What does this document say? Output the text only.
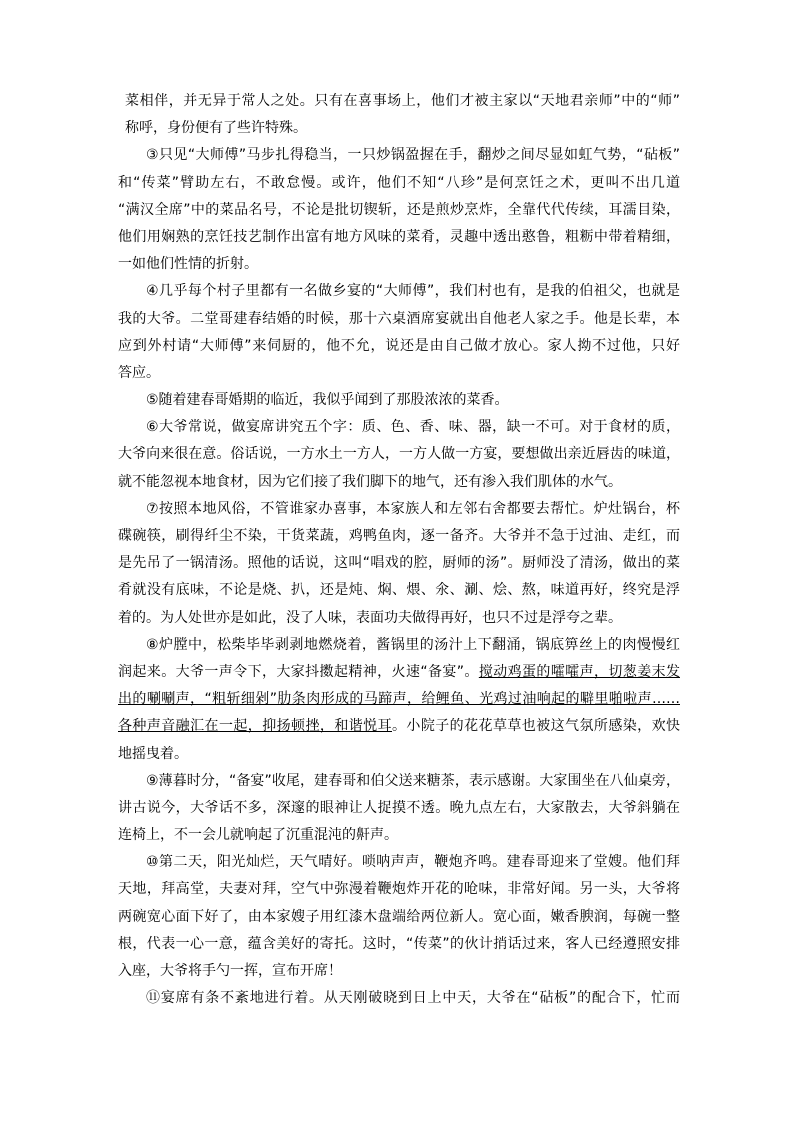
菜相伴，并无异于常人之处。只有在喜事场上，他们才被主家以“天地君亲师”中的“师”
称呼，身份便有了些许特殊。
③只见“大师傅”马步扎得稳当，一只炒锅盈握在手，翻炒之间尽显如虹气势，“砧板”
和“传菜”臂助左右，不敢怠慢。或许，他们不知“八珍”是何烹饪之术，更叫不出几道
“满汉全席”中的菜品名号，不论是批切锲斩，还是煎炒烹炸，全靠代代传续，耳濡目染，
他们用娴熟的烹饪技艺制作出富有地方风味的菜肴，灵趣中透出憨鲁，粗粝中带着精细，
一如他们性情的折射。
④几乎每个村子里都有一名做乡宴的“大师傅”，我们村也有，是我的伯祖父，也就是
我的大爷。二堂哥建春结婚的时候，那十六桌酒席宴就出自他老人家之手。他是长辈，本
应到外村请“大师傅”来伺厨的，他不允，说还是由自己做才放心。家人拗不过他，只好
答应。
⑤随着建春哥婚期的临近，我似乎闻到了那股浓浓的菜香。
⑥大爷常说，做宴席讲究五个字：质、色、香、味、器，缺一不可。对于食材的质，
大爷向来很在意。俗话说，一方水土一方人，一方人做一方宴，要想做出亲近唇齿的味道，
就不能忽视本地食材，因为它们接了我们脚下的地气，还有渗入我们肌体的水气。
⑦按照本地风俗，不管谁家办喜事，本家族人和左邻右舍都要去帮忙。炉灶锅台，杯
碟碗筷，刷得纤尘不染，干货菜蔬，鸡鸭鱼肉，逐一备齐。大爷并不急于过油、走红，而
是先吊了一锅清汤。照他的话说，这叫“唱戏的腔，厨师的汤”。厨师没了清汤，做出的菜
肴就没有底味，不论是烧、扒，还是炖、焖、煨、氽、涮、烩、熬，味道再好，终究是浮
着的。为人处世亦是如此，没了人味，表面功夫做得再好，也只不过是浮夸之辈。
⑧炉膛中，松柴毕毕剥剥地燃烧着，酱锅里的汤汁上下翻涌，锅底箅丝上的肉慢慢红
润起来。大爷一声令下，大家抖擞起精神，火速“备宴”。搅动鸡蛋的嚯嚯声，切葱姜末发
出的唰唰声，“粗斩细剁”肋条肉形成的马蹄声，给鲤鱼、光鸡过油响起的噼里啪啦声……
各种声音融汇在一起，抑扬顿挫，和谐悦耳。小院子的花花草草也被这气氛所感染，欢快
地摇曳着。
⑨薄暮时分，“备宴”收尾，建春哥和伯父送来糖茶，表示感谢。大家围坐在八仙桌旁，
讲古说今，大爷话不多，深邃的眼神让人捉摸不透。晚九点左右，大家散去，大爷斜躺在
连椅上，不一会儿就响起了沉重混沌的鼾声。
⑩第二天，阳光灿烂，天气晴好。唢呐声声，鞭炮齐鸣。建春哥迎来了堂嫂。他们拜
天地，拜高堂，夫妻对拜，空气中弥漫着鞭炮炸开花的呛味，非常好闻。另一头，大爷将
两碗宽心面下好了，由本家嫂子用红漆木盘端给两位新人。宽心面，嫩香腴润，每碗一整
根，代表一心一意，蕴含美好的寄托。这时，“传菜”的伙计捎话过来，客人已经遵照安排
入座，大爷将手勺一挥，宣布开席！
⑪宴席有条不紊地进行着。从天刚破晓到日上中天，大爷在“砧板”的配合下，忙而
